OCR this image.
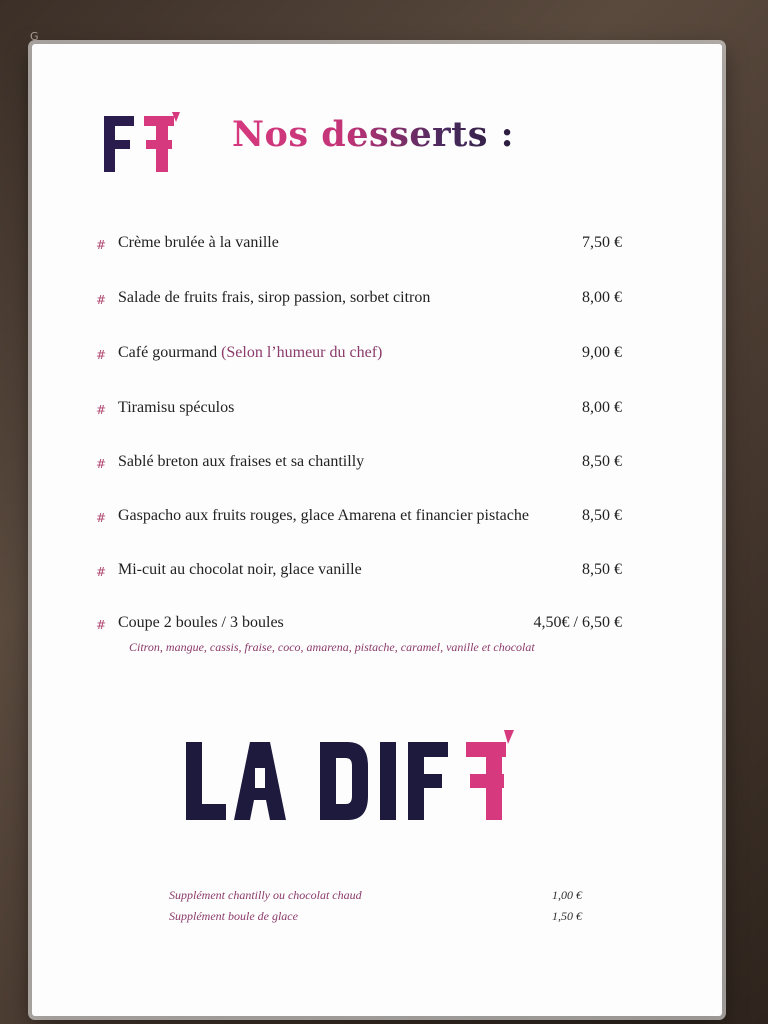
G
Nos desserts :
# Crème brulée à la vanille	7,50 €
# Salade de fruits frais, sirop passion, sorbet citron	8,00 €
# Café gourmand (Selon l’humeur du chef)	9,00 €
# Tiramisu spéculos	8,00 €
# Sablé breton aux fraises et sa chantilly	8,50 €
# Gaspacho aux fruits rouges, glace Amarena et financier pistache	8,50 €
# Mi-cuit au chocolat noir, glace vanille	8,50 €
# Coupe 2 boules / 3 boules	4,50€ / 6,50 €
Citron, mangue, cassis, fraise, coco, amarena, pistache, caramel, vanille et chocolat
Supplément chantilly ou chocolat chaud	1,00 €
Supplément boule de glace	1,50 €
